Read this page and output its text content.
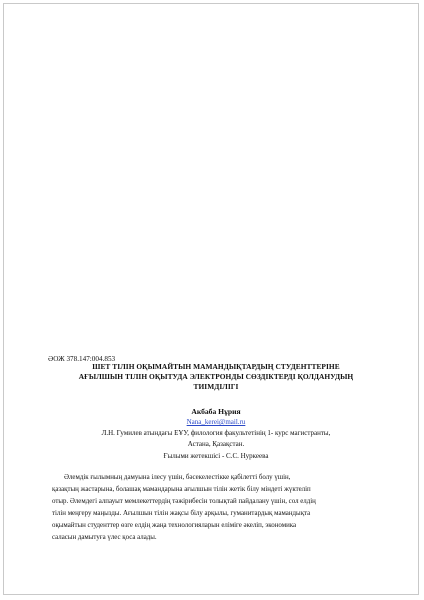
ӘОЖ 378.147:004.853
ШЕТ ТІЛІН ОҚЫМАЙТЫН МАМАНДЫҚТАРДЫҢ СТУДЕНТТЕРІНЕ
АҒЫЛШЫН ТІЛІН ОҚЫТУДА ЭЛЕКТРОНДЫ СӨЗДІКТЕРДІ ҚОЛДАНУДЫҢ
ТИІМДІЛІГІ
Акбаба Нұрия
Nana_kerei@mail.ru
Л.Н. Гумилев атындағы ЕҰУ, филология факультетінің 1- курс магистранты,
Астана, Қазақстан.
Ғылыми жетекшісі - С.С. Нуркеева
Әлемдік ғылымның дамуына ілесу үшін, бәсекелестікке қабілетті болу үшін,
қазақтың жастарына, болашақ мамандарына ағылшын тілін жетік білу міндеті жүктеліп
отыр. Әлемдегі алпауыт мемлекеттердің тәжірибесін толықтай пайдалану үшін, сол елдің
тілін меңгеру маңызды. Ағылшын тілін жақсы білу арқылы, гуманитардық мамандықта
оқымайтын студенттер өзге елдің жаңа технологияларын еліміге әкеліп, экономика
саласын дамытуға үлес қоса алады.
